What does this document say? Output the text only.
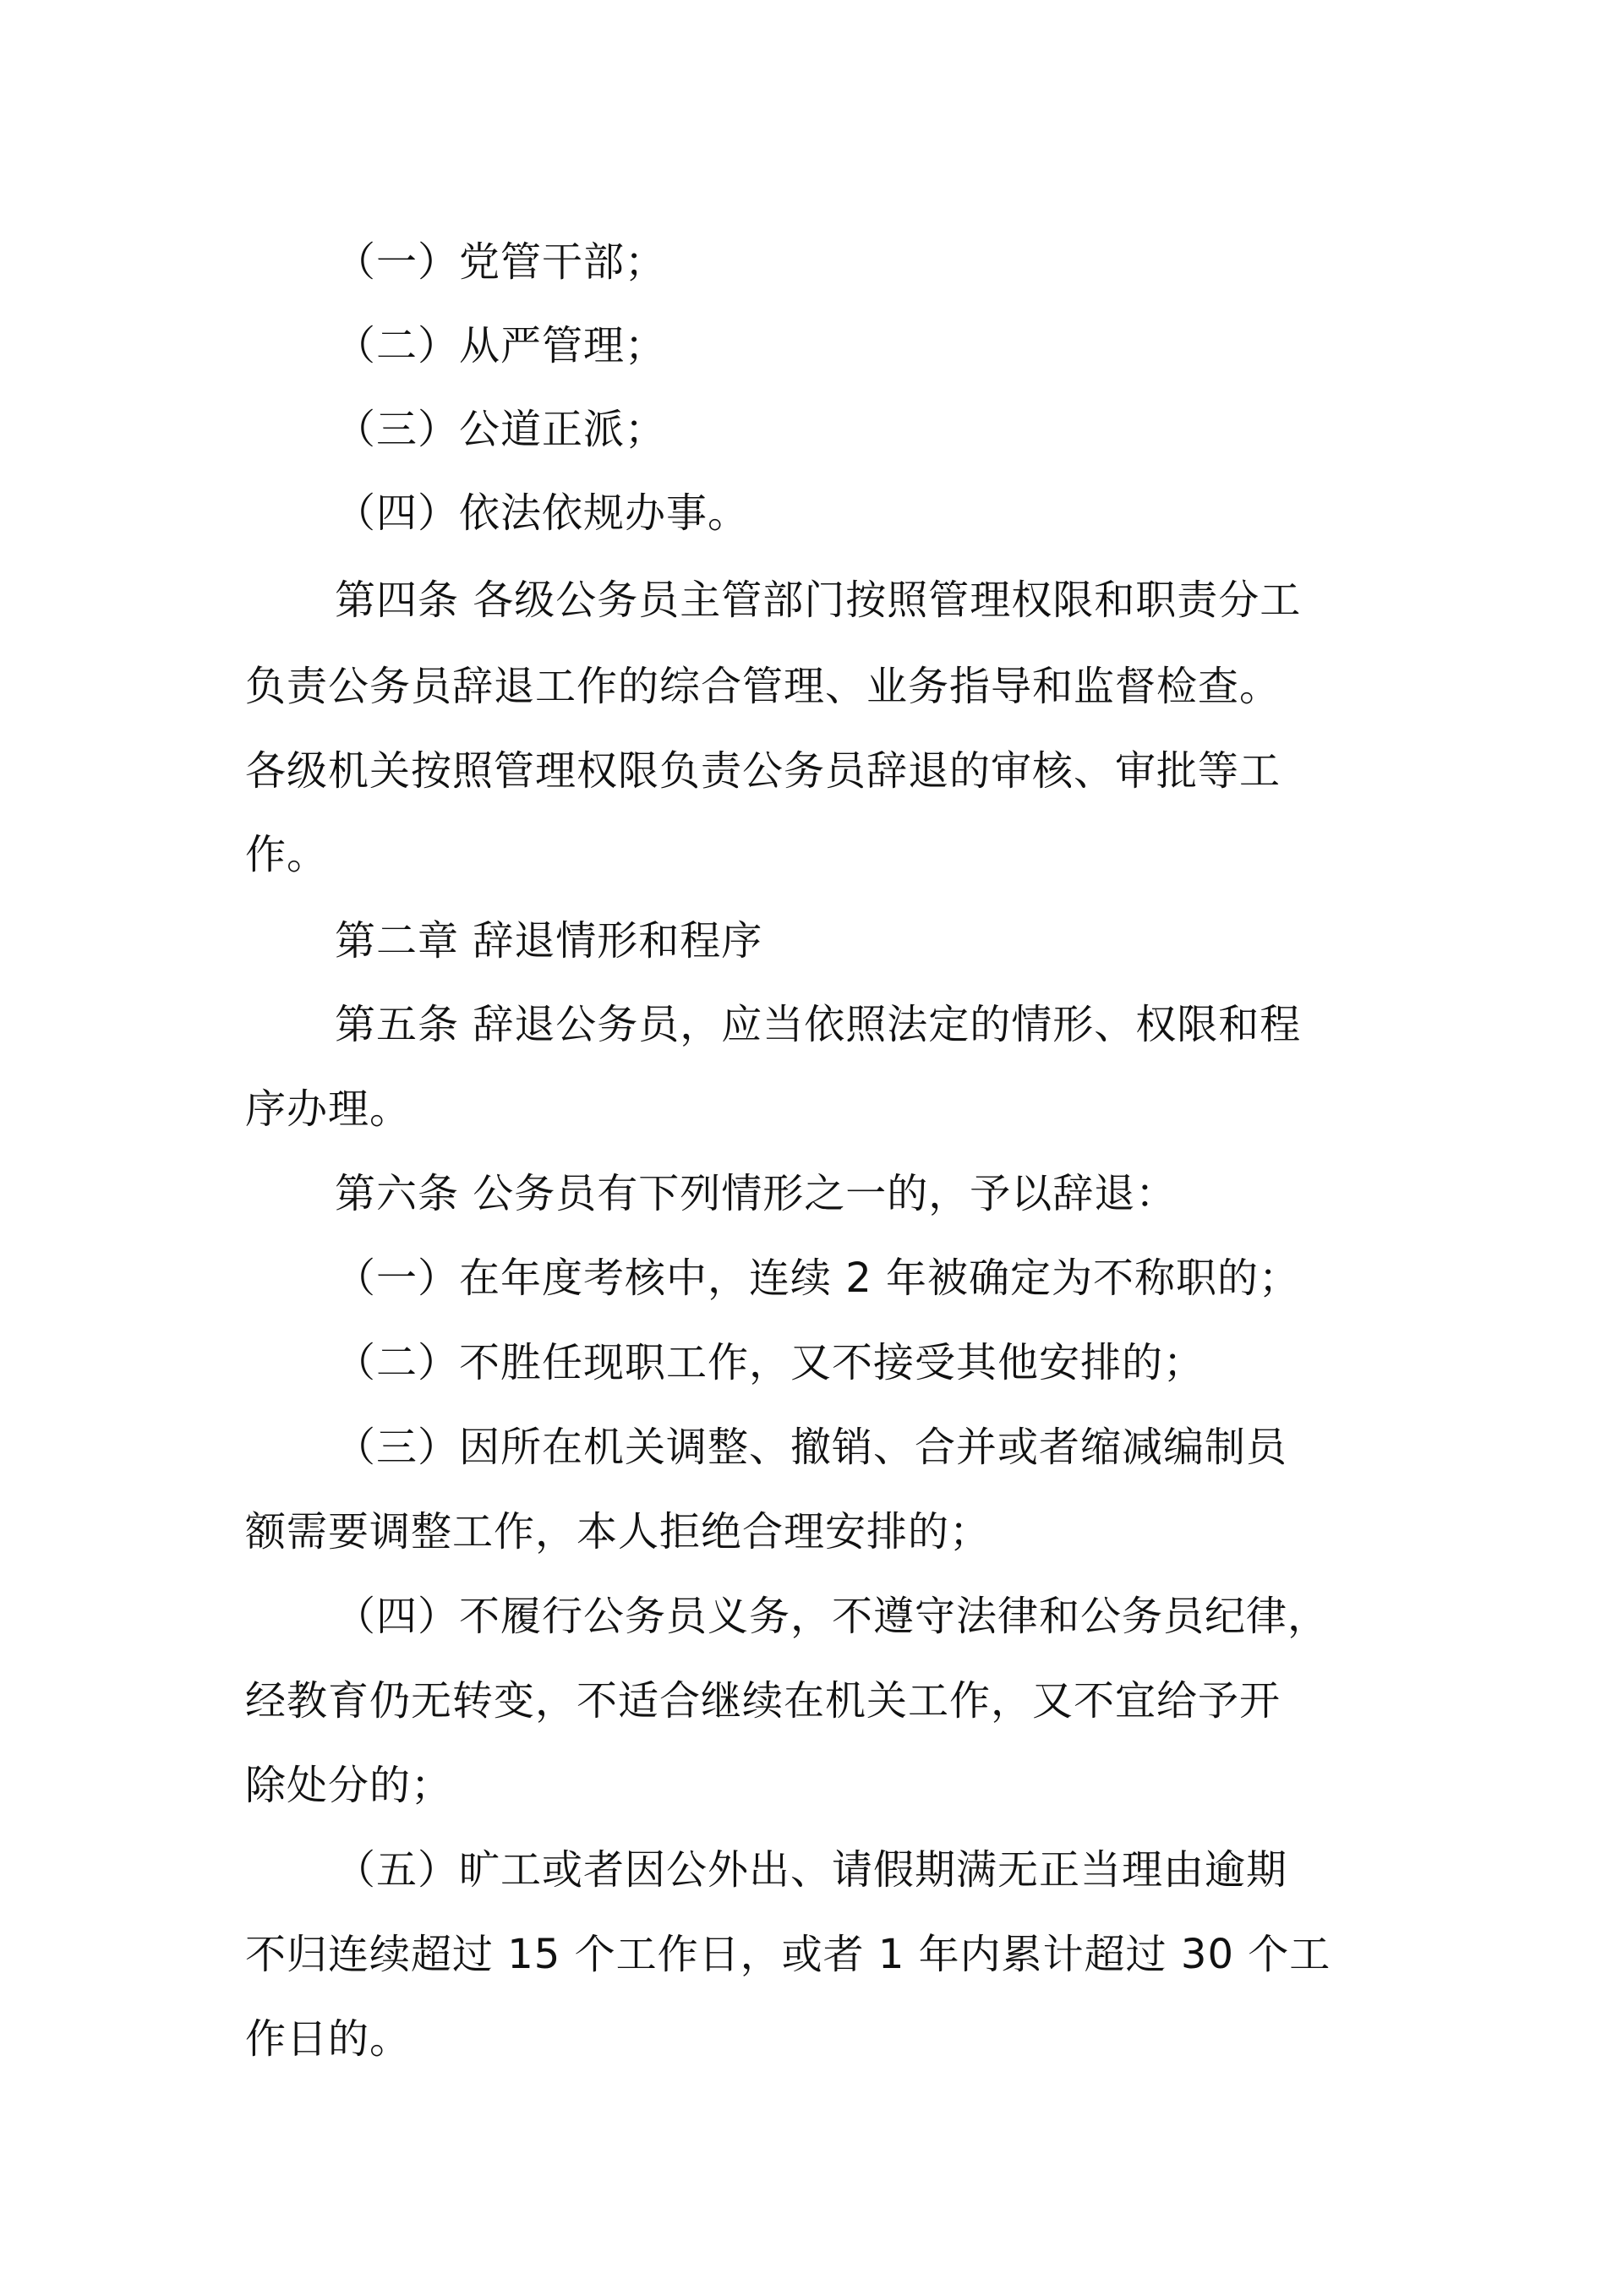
（一）党管干部；
（二）从严管理；
（三）公道正派；
（四）依法依规办事。
第四条 各级公务员主管部门按照管理权限和职责分工
负责公务员辞退工作的综合管理、业务指导和监督检查。
各级机关按照管理权限负责公务员辞退的审核、审批等工
作。
第二章 辞退情形和程序
第五条 辞退公务员，应当依照法定的情形、权限和程
序办理。
第六条 公务员有下列情形之一的，予以辞退：
（一）在年度考核中，连续 2 年被确定为不称职的；
（二）不胜任现职工作，又不接受其他安排的；
（三）因所在机关调整、撤销、合并或者缩减编制员
额需要调整工作，本人拒绝合理安排的；
（四）不履行公务员义务，不遵守法律和公务员纪律，
经教育仍无转变，不适合继续在机关工作，又不宜给予开
除处分的；
（五）旷工或者因公外出、请假期满无正当理由逾期
不归连续超过 15 个工作日，或者 1 年内累计超过 30 个工
作日的。
